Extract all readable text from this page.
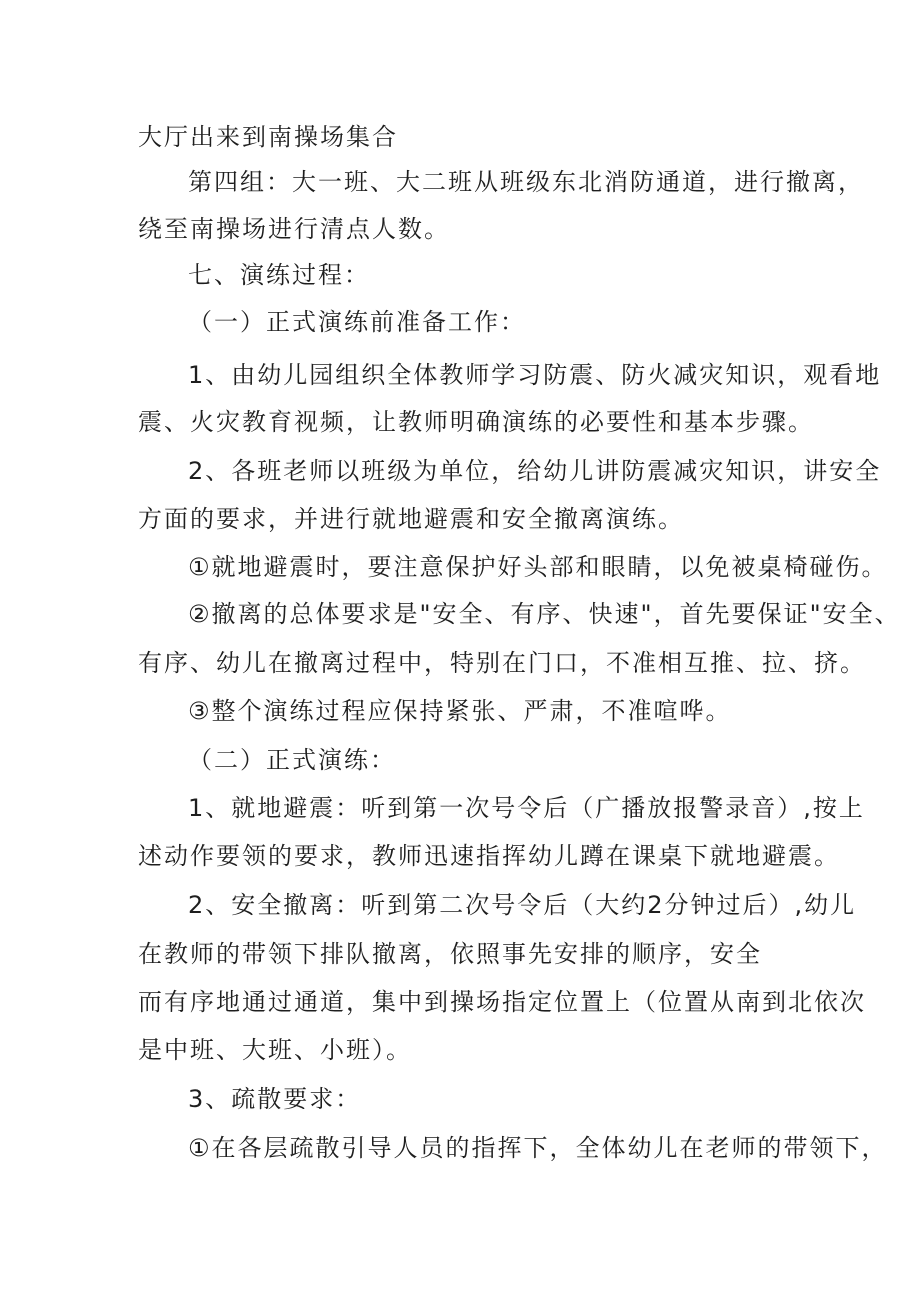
大厅出来到南操场集合
第四组：大一班、大二班从班级东北消防通道，进行撤离，
绕至南操场进行清点人数。
七、演练过程：
（一）正式演练前准备工作：
1、由幼儿园组织全体教师学习防震、防火减灾知识，观看地
震、火灾教育视频，让教师明确演练的必要性和基本步骤。
2、各班老师以班级为单位，给幼儿讲防震减灾知识，讲安全
方面的要求，并进行就地避震和安全撤离演练。
①就地避震时，要注意保护好头部和眼睛，以免被桌椅碰伤。
②撤离的总体要求是"安全、有序、快速"，首先要保证"安全、
有序、幼儿在撤离过程中，特别在门口，不准相互推、拉、挤。
③整个演练过程应保持紧张、严肃，不准喧哗。
（二）正式演练：
1、就地避震：听到第一次号令后（广播放报警录音）,按上
述动作要领的要求，教师迅速指挥幼儿蹲在课桌下就地避震。
2、安全撤离：听到第二次号令后（大约2分钟过后）,幼儿
在教师的带领下排队撤离，依照事先安排的顺序，安全
而有序地通过通道，集中到操场指定位置上（位置从南到北依次
是中班、大班、小班）。
3、疏散要求：
①在各层疏散引导人员的指挥下，全体幼儿在老师的带领下，
